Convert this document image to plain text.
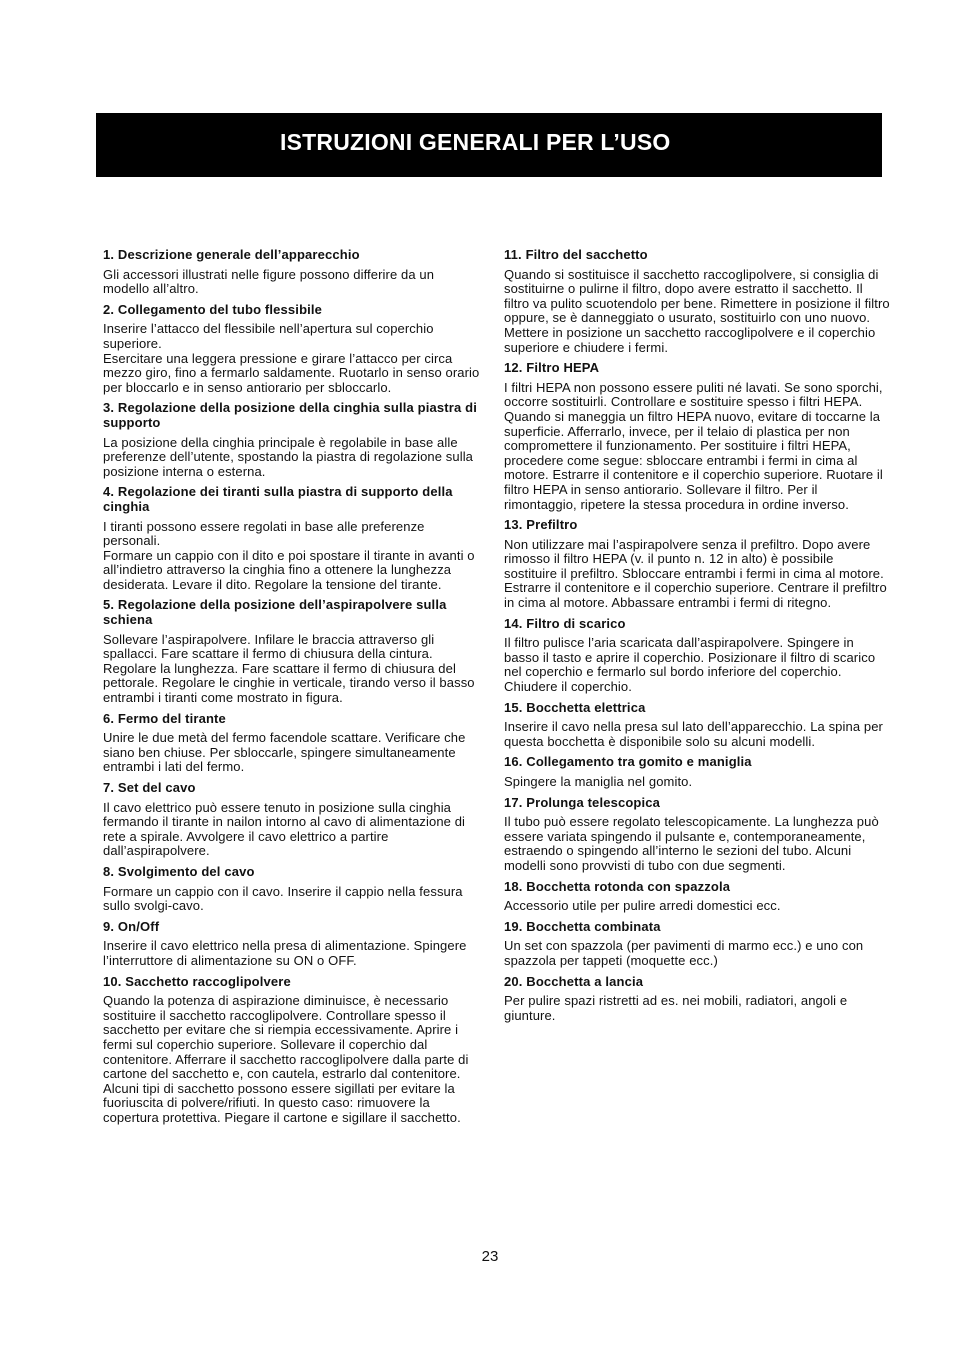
ISTRUZIONI GENERALI PER L’USO
1. Descrizione generale dell’apparecchio

Gli accessori illustrati nelle figure possono differire da un modello all’altro.

2. Collegamento del tubo flessibile

Inserire l’attacco del flessibile nell’apertura sul coperchio superiore.

Esercitare una leggera pressione e girare l’attacco per circa mezzo giro, fino a fermarlo saldamente. Ruotarlo in senso orario per bloccarlo e in senso antiorario per sbloccarlo.

3. Regolazione della posizione della cinghia sulla piastra di supporto

La posizione della cinghia principale è regolabile in base alle preferenze dell’utente, spostando la piastra di regolazione sulla posizione interna o esterna.

4. Regolazione dei tiranti sulla piastra di supporto della cinghia

I tiranti possono essere regolati in base alle preferenze personali.

Formare un cappio con il dito e poi spostare il tirante in avanti o all’indietro attraverso la cinghia fino a ottenere la lunghezza desiderata. Levare il dito. Regolare la tensione del tirante.

5. Regolazione della posizione dell’aspirapolvere sulla schiena

Sollevare l’aspirapolvere. Infilare le braccia attraverso gli spallacci. Fare scattare il fermo di chiusura della cintura. Regolare la lunghezza. Fare scattare il fermo di chiusura del pettorale. Regolare le cinghie in verticale, tirando verso il basso entrambi i tiranti come mostrato in figura.

6. Fermo del tirante

Unire le due metà del fermo facendole scattare. Verificare che siano ben chiuse. Per sbloccarle, spingere simultaneamente entrambi i lati del fermo.

7. Set del cavo

Il cavo elettrico può essere tenuto in posizione sulla cinghia fermando il tirante in nailon intorno al cavo di alimentazione di rete a spirale. Avvolgere il cavo elettrico a partire dall’aspirapolvere.

8. Svolgimento del cavo

Formare un cappio con il cavo. Inserire il cappio nella fessura sullo svolgi-cavo.

9. On/Off

Inserire il cavo elettrico nella presa di alimentazione. Spingere l’interruttore di alimentazione su ON o OFF.

10. Sacchetto raccoglipolvere

Quando la potenza di aspirazione diminuisce, è necessario sostituire il sacchetto raccoglipolvere. Controllare spesso il sacchetto per evitare che si riempia eccessivamente. Aprire i fermi sul coperchio superiore. Sollevare il coperchio dal contenitore. Afferrare il sacchetto raccoglipolvere dalla parte di cartone del sacchetto e, con cautela, estrarlo dal contenitore. Alcuni tipi di sacchetto possono essere sigillati per evitare la fuoriuscita di polvere/rifiuti. In questo caso: rimuovere la copertura protettiva. Piegare il cartone e sigillare il sacchetto.

11. Filtro del sacchetto

Quando si sostituisce il sacchetto raccoglipolvere, si consiglia di sostituirne o pulirne il filtro, dopo avere estratto il sacchetto. Il filtro va pulito scuotendolo per bene. Rimettere in posizione il filtro oppure, se è danneggiato o usurato, sostituirlo con uno nuovo. Mettere in posizione un sacchetto raccoglipolvere e il coperchio superiore e chiudere i fermi.

12. Filtro HEPA

I filtri HEPA non possono essere puliti né lavati. Se sono sporchi, occorre sostituirli. Controllare e sostituire spesso i filtri HEPA. Quando si maneggia un filtro HEPA nuovo, evitare di toccarne la superficie. Afferrarlo, invece, per il telaio di plastica per non compromettere il funzionamento. Per sostituire i filtri HEPA, procedere come segue: sbloccare entrambi i fermi in cima al motore. Estrarre il contenitore e il coperchio superiore. Ruotare il filtro HEPA in senso antiorario. Sollevare il filtro. Per il rimontaggio, ripetere la stessa procedura in ordine inverso.

13. Prefiltro

Non utilizzare mai l’aspirapolvere senza il prefiltro. Dopo avere rimosso il filtro HEPA (v. il punto n. 12 in alto) è possibile sostituire il prefiltro. Sbloccare entrambi i fermi in cima al motore. Estrarre il contenitore e il coperchio superiore. Centrare il prefiltro in cima al motore. Abbassare entrambi i fermi di ritegno.

14. Filtro di scarico

Il filtro pulisce l’aria scaricata dall’aspirapolvere. Spingere in basso il tasto e aprire il coperchio. Posizionare il filtro di scarico nel coperchio e fermarlo sul bordo inferiore del coperchio. Chiudere il coperchio.

15. Bocchetta elettrica

Inserire il cavo nella presa sul lato dell’apparecchio. La spina per questa bocchetta è disponibile solo su alcuni modelli.

16. Collegamento tra gomito e maniglia

Spingere la maniglia nel gomito.

17. Prolunga telescopica

Il tubo può essere regolato telescopicamente. La lunghezza può essere variata spingendo il pulsante e, contemporaneamente, estraendo o spingendo all’interno le sezioni del tubo. Alcuni modelli sono provvisti di tubo con due segmenti.

18. Bocchetta rotonda con spazzola

Accessorio utile per pulire arredi domestici ecc.

19. Bocchetta combinata

Un set con spazzola (per pavimenti di marmo ecc.) e uno con spazzola per tappeti (moquette ecc.)

20. Bocchetta a lancia

Per pulire spazi ristretti ad es. nei mobili, radiatori, angoli e giunture.

23
